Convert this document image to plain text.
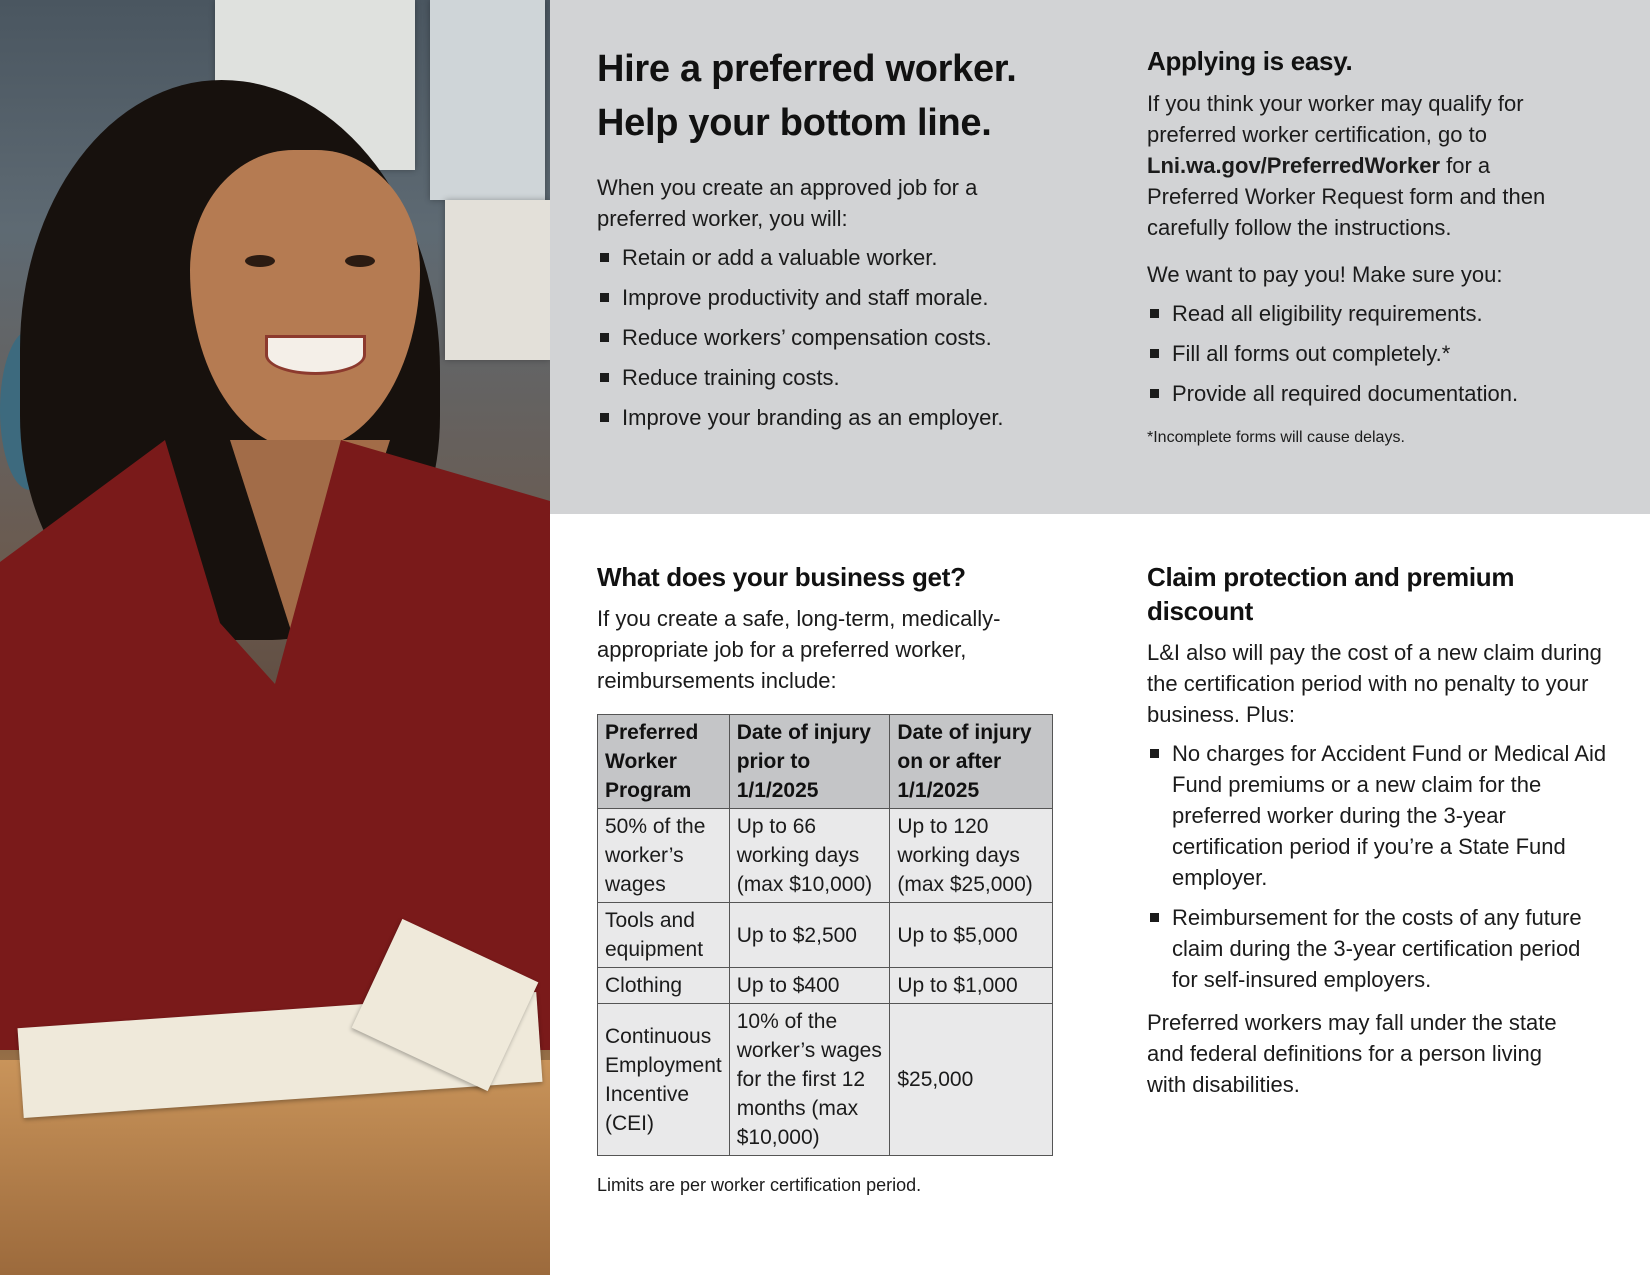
Hire a preferred worker.
Help your bottom line.

When you create an approved job for a preferred worker, you will:

Retain or add a valuable worker.
Improve productivity and staff morale.
Reduce workers’ compensation costs.
Reduce training costs.
Improve your branding as an employer.
Applying is easy.

If you think your worker may qualify for preferred worker certification, go to Lni.wa.gov/PreferredWorker for a Preferred Worker Request form and then carefully follow the instructions.

We want to pay you! Make sure you:

Read all eligibility requirements.
Fill all forms out completely.*
Provide all required documentation.

*Incomplete forms will cause delays.

What does your business get?

If you create a safe, long-term, medically-appropriate job for a preferred worker, reimbursements include:

Preferred Worker Program	Date of injury prior to 1/1/2025	Date of injury on or after 1/1/2025
50% of the worker’s wages	Up to 66 working days (max $10,000)	Up to 120 working days (max $25,000)
Tools and equipment	Up to $2,500	Up to $5,000
Clothing	Up to $400	Up to $1,000
Continuous Employment Incentive (CEI)	10% of the worker’s wages for the first 12 months (max $10,000)	$25,000

Limits are per worker certification period.

Claim protection and premium discount

L&I also will pay the cost of a new claim during the certification period with no penalty to your business. Plus:

No charges for Accident Fund or Medical Aid Fund premiums or a new claim for the preferred worker during the 3-year certification period if you’re a State Fund employer.
Reimbursement for the costs of any future claim during the 3-year certification period for self-insured employers.

Preferred workers may fall under the state and federal definitions for a person living with disabilities.
